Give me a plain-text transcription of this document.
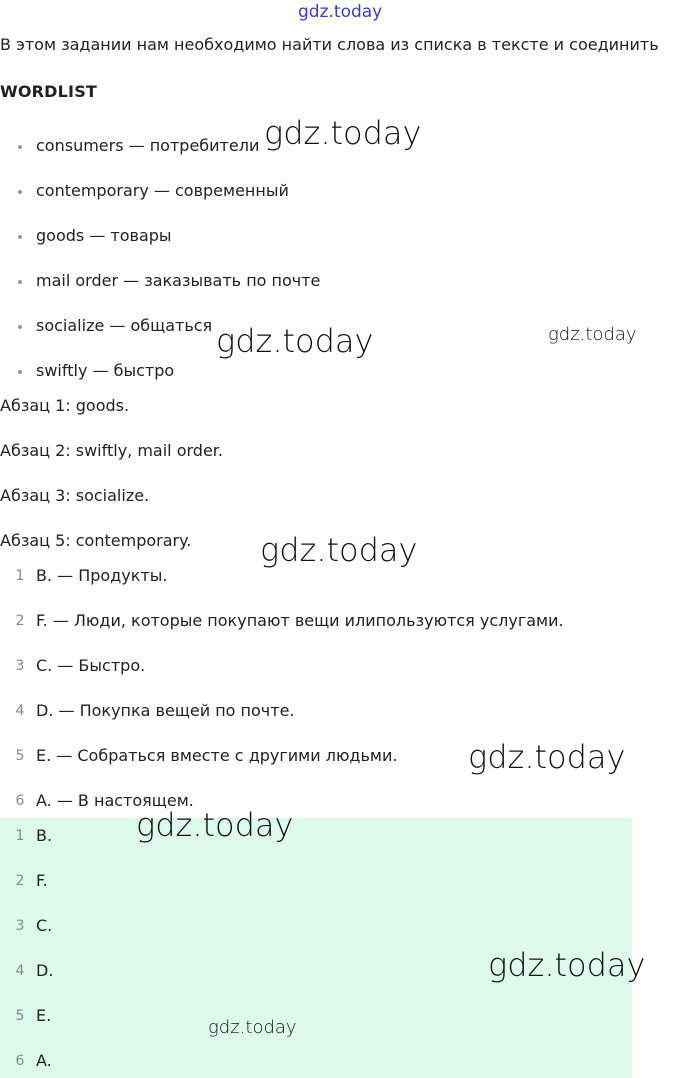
gdz.today
В этом задании нам необходимо найти слова из списка в тексте и соединить
WORDLIST
consumers — потребители
contemporary — современный
goods — товары
mail order — заказывать по почте
socialize — общаться
swiftly — быстро
Абзац 1: goods.
Абзац 2: swiftly, mail order.
Абзац 3: socialize.
Абзац 5: contemporary.
1 B. — Продукты.
2 F. — Люди, которые покупают вещи илипользуются услугами.
3 C. — Быстро.
4 D. — Покупка вещей по почте.
5 E. — Собраться вместе с другими людьми.
6 A. — В настоящем.
1 B.
2 F.
3 C.
4 D.
5 E.
6 A.
gdz.today
gdz.today	gdz.today
gdz.today
gdz.today
gdz.today
gdz.today
gdz.today
